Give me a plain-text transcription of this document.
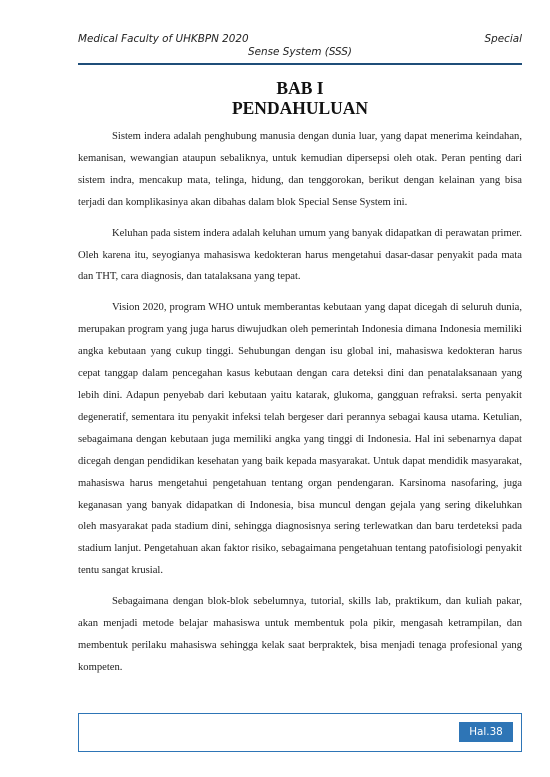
Medical Faculty of UHKBPN 2020	Special
Sense System (SSS)
BAB I
PENDAHULUAN

Sistem indera adalah penghubung manusia dengan dunia luar, yang dapat menerima keindahan, kemanisan, wewangian ataupun sebaliknya, untuk kemudian dipersepsi oleh otak. Peran penting dari sistem indra, mencakup mata, telinga, hidung, dan tenggorokan, berikut dengan kelainan yang bisa terjadi dan komplikasinya akan dibahas dalam blok Special Sense System ini.

Keluhan pada sistem indera adalah keluhan umum yang banyak didapatkan di perawatan primer. Oleh karena itu, seyogianya mahasiswa kedokteran harus mengetahui dasar-dasar penyakit pada mata dan THT, cara diagnosis, dan tatalaksana yang tepat.

Vision 2020, program WHO untuk memberantas kebutaan yang dapat dicegah di seluruh dunia, merupakan program yang juga harus diwujudkan oleh pemerintah Indonesia dimana Indonesia memiliki angka kebutaan yang cukup tinggi. Sehubungan dengan isu global ini, mahasiswa kedokteran harus cepat tanggap dalam pencegahan kasus kebutaan dengan cara deteksi dini dan penatalaksanaan yang lebih dini. Adapun penyebab dari kebutaan yaitu katarak, glukoma, gangguan refraksi. serta penyakit degeneratif, sementara itu penyakit infeksi telah bergeser dari perannya sebagai kausa utama. Ketulian, sebagaimana dengan kebutaan juga memiliki angka yang tinggi di Indonesia. Hal ini sebenarnya dapat dicegah dengan pendidikan kesehatan yang baik kepada masyarakat. Untuk dapat mendidik masyarakat, mahasiswa harus mengetahui pengetahuan tentang organ pendengaran. Karsinoma nasofaring, juga keganasan yang banyak didapatkan di Indonesia, bisa muncul dengan gejala yang sering dikeluhkan oleh masyarakat pada stadium dini, sehingga diagnosisnya sering terlewatkan dan baru terdeteksi pada stadium lanjut. Pengetahuan akan faktor risiko, sebagaimana pengetahuan tentang patofisiologi penyakit tentu sangat krusial.

Sebagaimana dengan blok-blok sebelumnya, tutorial, skills lab, praktikum, dan kuliah pakar, akan menjadi metode belajar mahasiswa untuk membentuk pola pikir, mengasah ketrampilan, dan membentuk perilaku mahasiswa sehingga kelak saat berpraktek, bisa menjadi tenaga profesional yang kompeten.

Hal.38
